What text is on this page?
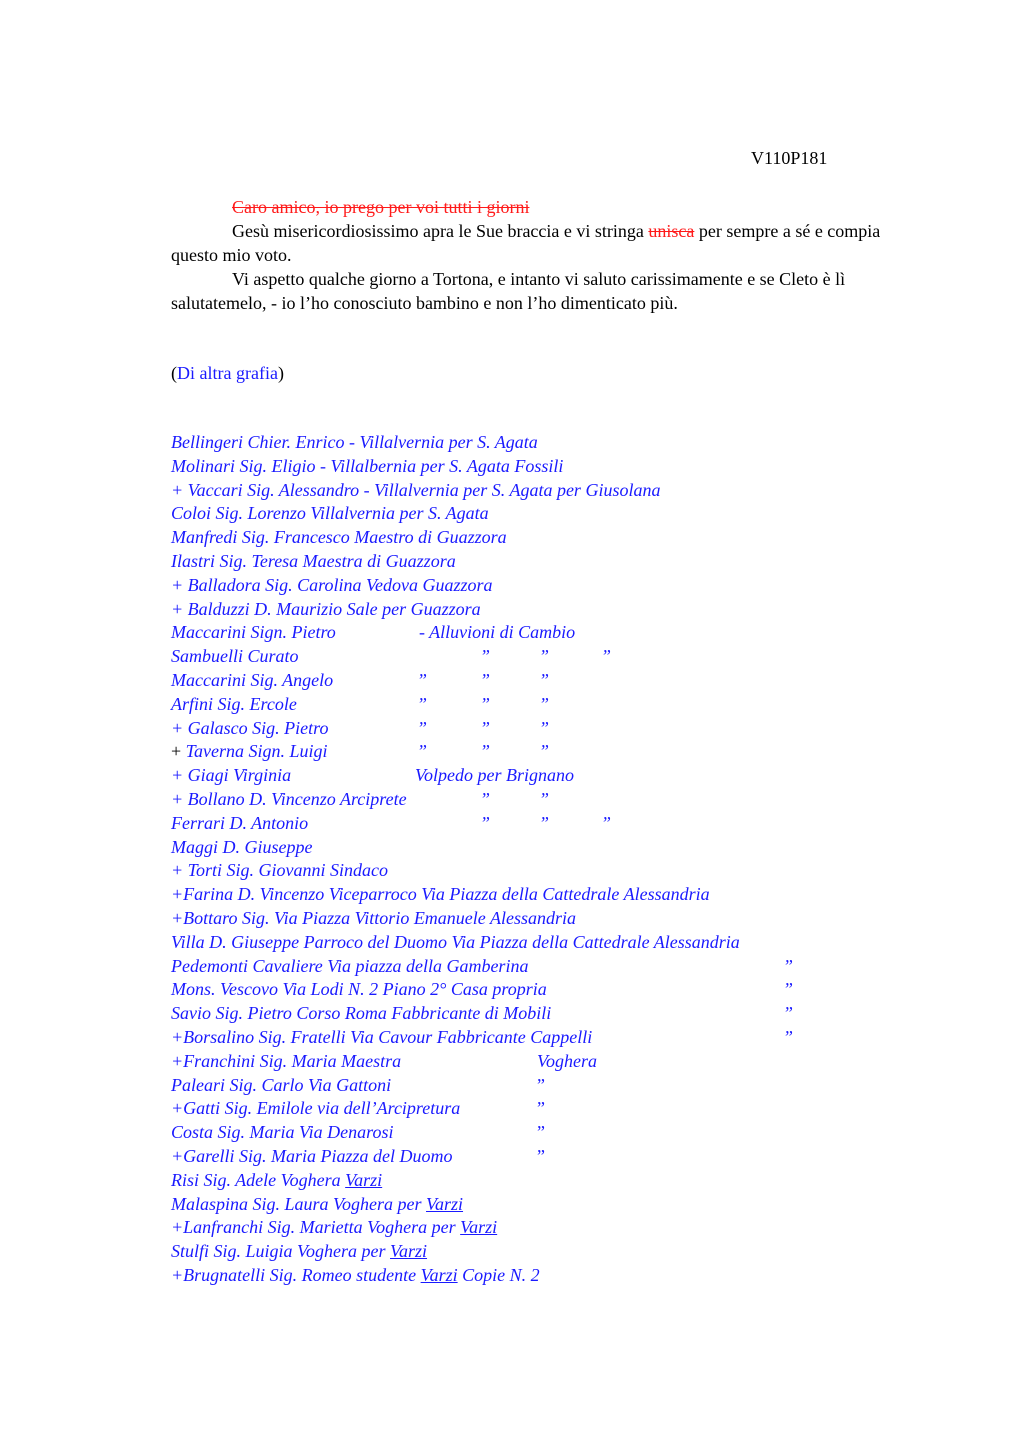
V110P181
Caro amico, io prego per voi tutti i giorni
Gesù misericordiosissimo apra le Sue braccia e vi stringa unisca per sempre a sé e compia questo mio voto.
Vi aspetto qualche giorno a Tortona, e intanto vi saluto carissimamente e se Cleto è lì salutatemelo, - io l’ho conosciuto bambino e non l’ho dimenticato più.
(Di altra grafia)
Bellingeri Chier. Enrico - Villalvernia per S. Agata
Molinari Sig. Eligio - Villalbernia per S. Agata Fossili
+ Vaccari Sig. Alessandro - Villalvernia per S. Agata per Giusolana
Coloi Sig. Lorenzo Villalvernia per S. Agata
Manfredi Sig. Francesco Maestro di Guazzora
Ilastri Sig. Teresa Maestra di Guazzora
+ Balladora Sig. Carolina Vedova Guazzora
+ Balduzzi D. Maurizio Sale per Guazzora
Maccarini Sign. Pietro	- Alluvioni di Cambio
Sambuelli Curato	”	”	”
Maccarini Sig. Angelo	”	”	”
Arfini Sig. Ercole	”	”	”
+ Galasco Sig. Pietro	”	”	”
+ Taverna Sign. Luigi	”	”	”
+ Giagi Virginia	Volpedo per Brignano
+ Bollano D. Vincenzo Arciprete	”	”
Ferrari D. Antonio	”	”	”
Maggi D. Giuseppe
+ Torti Sig. Giovanni Sindaco
+Farina D. Vincenzo Viceparroco Via Piazza della Cattedrale Alessandria
+Bottaro Sig. Via Piazza Vittorio Emanuele Alessandria
Villa D. Giuseppe Parroco del Duomo Via Piazza della Cattedrale Alessandria
Pedemonti Cavaliere Via piazza della Gamberina	”
Mons. Vescovo Via Lodi N. 2 Piano 2° Casa propria	”
Savio Sig. Pietro Corso Roma Fabbricante di Mobili	”
+Borsalino Sig. Fratelli Via Cavour Fabbricante Cappelli	”
+Franchini Sig. Maria Maestra	Voghera
Paleari Sig. Carlo Via Gattoni	”
+Gatti Sig. Emilole via dell’Arcipretura	”
Costa Sig. Maria Via Denarosi	”
+Garelli Sig. Maria Piazza del Duomo	”
Risi Sig. Adele Voghera Varzi
Malaspina Sig. Laura Voghera per Varzi
+Lanfranchi Sig. Marietta Voghera per Varzi
Stulfi Sig. Luigia Voghera per Varzi
+Brugnatelli Sig. Romeo studente Varzi Copie N. 2
